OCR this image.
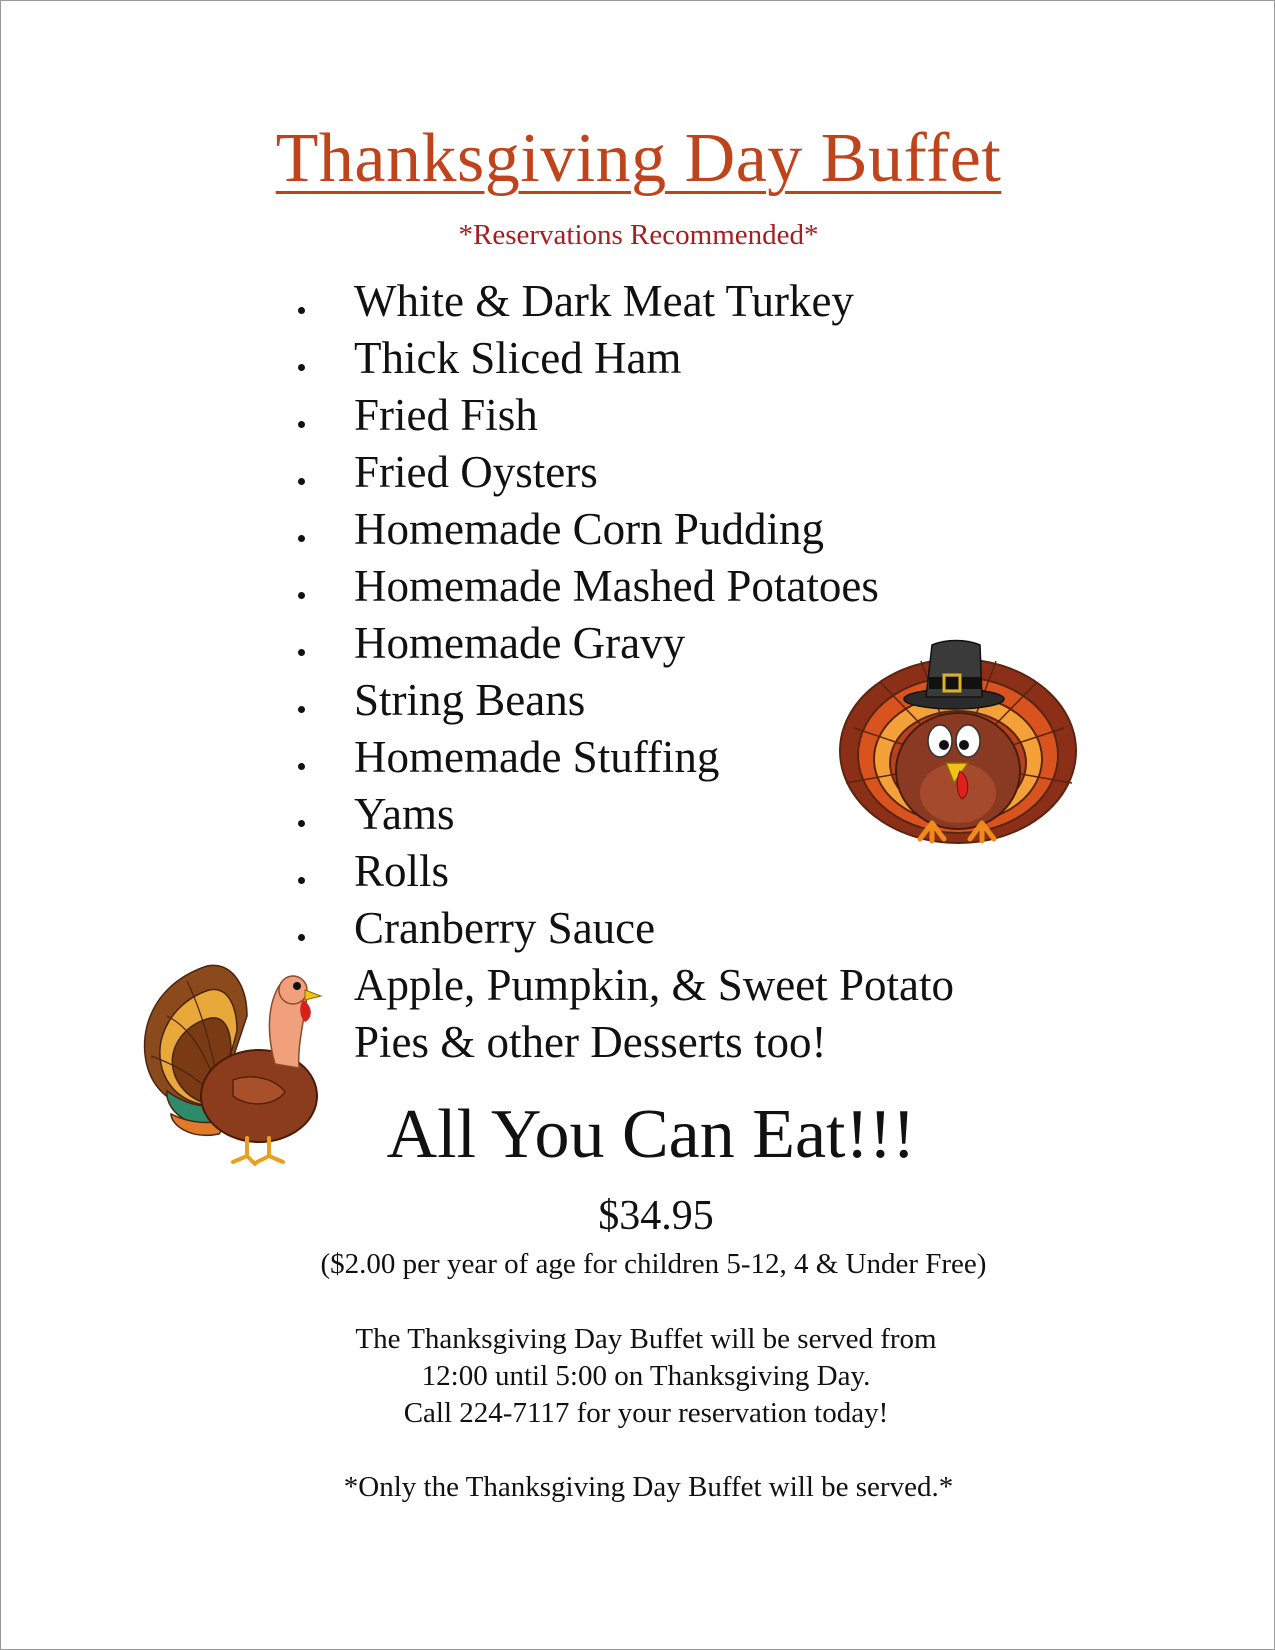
Thanksgiving Day Buffet
*Reservations Recommended*
White & Dark Meat Turkey
Thick Sliced Ham
Fried Fish
Fried Oysters
Homemade Corn Pudding
Homemade Mashed Potatoes
Homemade Gravy
String Beans
Homemade Stuffing
Yams
Rolls
Cranberry Sauce
Apple, Pumpkin, & Sweet Potato
Pies & other Desserts too!
All You Can Eat!!!
$34.95
($2.00 per year of age for children 5-12, 4 & Under Free)
The Thanksgiving Day Buffet will be served from
12:00 until 5:00 on Thanksgiving Day.
Call 224-7117 for your reservation today!
*Only the Thanksgiving Day Buffet will be served.*
